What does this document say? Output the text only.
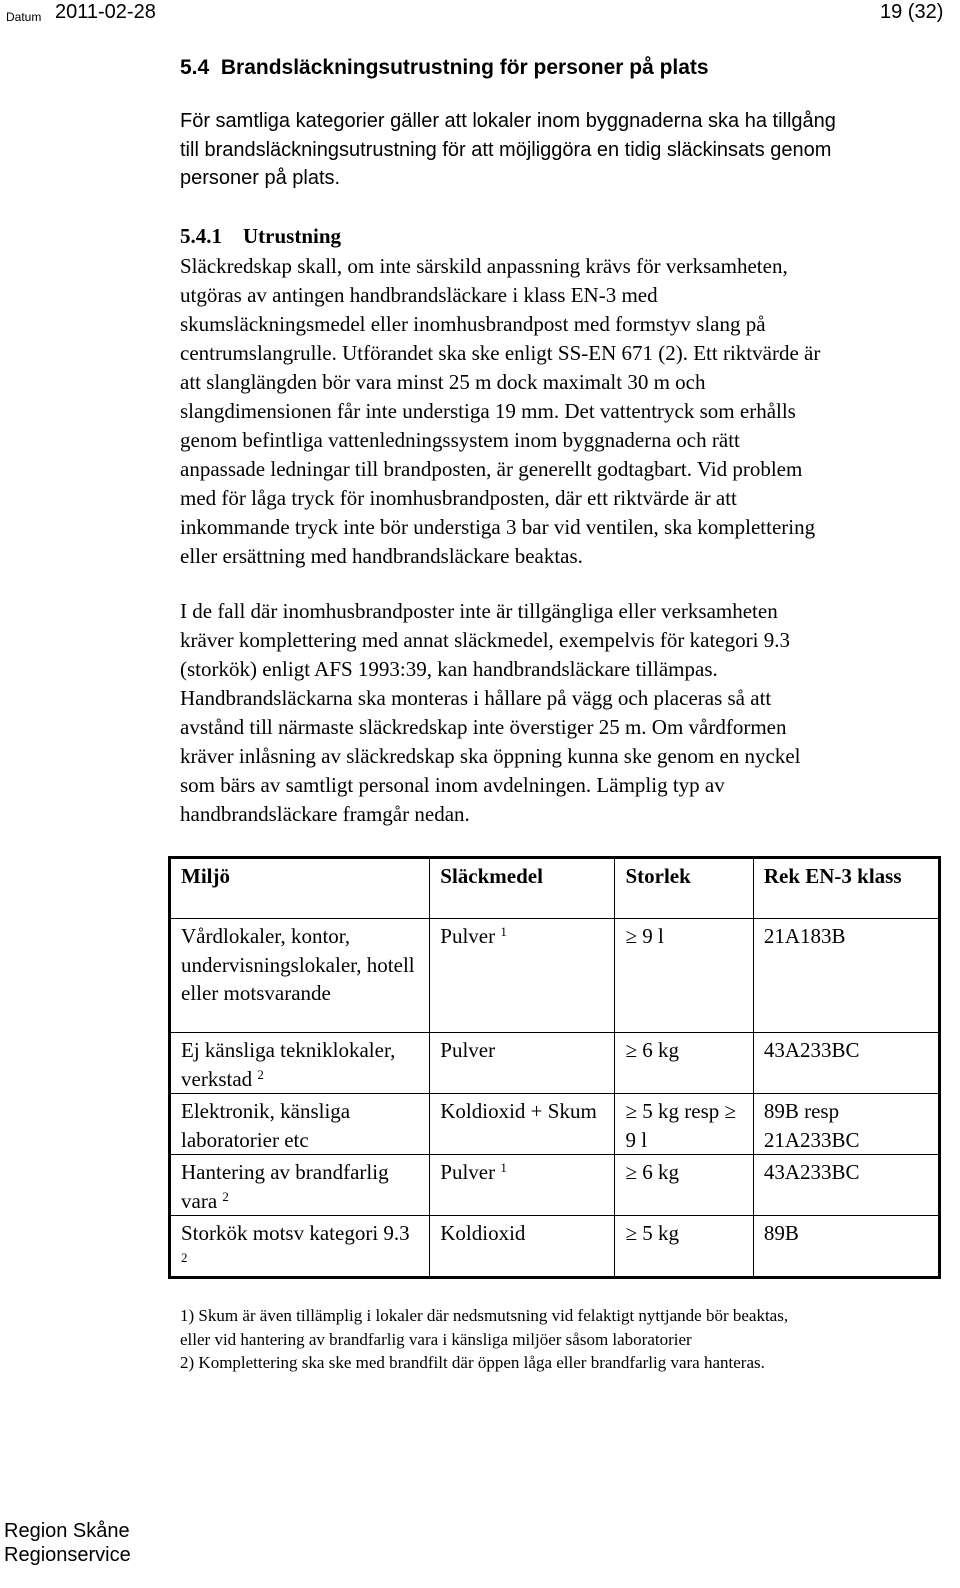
Datum 2011-02-28	19 (32)
5.4  Brandsläckningsutrustning för personer på plats
För samtliga kategorier gäller att lokaler inom byggnaderna ska ha tillgång
till brandsläckningsutrustning för att möjliggöra en tidig släckinsats genom
personer på plats.
5.4.1    Utrustning
Släckredskap skall, om inte särskild anpassning krävs för verksamheten,
utgöras av antingen handbrandsläckare i klass EN-3 med
skumsläckningsmedel eller inomhusbrandpost med formstyv slang på
centrumslangrulle. Utförandet ska ske enligt SS-EN 671 (2). Ett riktvärde är
att slanglängden bör vara minst 25 m dock maximalt 30 m och
slangdimensionen får inte understiga 19 mm. Det vattentryck som erhålls
genom befintliga vattenledningssystem inom byggnaderna och rätt
anpassade ledningar till brandposten, är generellt godtagbart. Vid problem
med för låga tryck för inomhusbrandposten, där ett riktvärde är att
inkommande tryck inte bör understiga 3 bar vid ventilen, ska komplettering
eller ersättning med handbrandsläckare beaktas.
I de fall där inomhusbrandposter inte är tillgängliga eller verksamheten
kräver komplettering med annat släckmedel, exempelvis för kategori 9.3
(storkök) enligt AFS 1993:39, kan handbrandsläckare tillämpas.
Handbrandsläckarna ska monteras i hållare på vägg och placeras så att
avstånd till närmaste släckredskap inte överstiger 25 m. Om vårdformen
kräver inlåsning av släckredskap ska öppning kunna ske genom en nyckel
som bärs av samtligt personal inom avdelningen. Lämplig typ av
handbrandsläckare framgår nedan.
Miljö	Släckmedel	Storlek	Rek EN-3 klass
Vårdlokaler, kontor, undervisningslokaler, hotell eller motsvarande	Pulver $^1$	≥ 9 l	21A183B
Ej känsliga tekniklokaler, verkstad $^2$	Pulver	≥ 6 kg	43A233BC
Elektronik, känsliga laboratorier etc	Koldioxid + Skum	≥ 5 kg resp ≥ 9 l	89B resp 21A233BC
Hantering av brandfarlig vara $^2$	Pulver $^1$	≥ 6 kg	43A233BC
Storkök motsv kategori 9.3 $^2$	Koldioxid	≥ 5 kg	89B
1) Skum är även tillämplig i lokaler där nedsmutsning vid felaktigt nyttjande bör beaktas,
eller vid hantering av brandfarlig vara i känsliga miljöer såsom laboratorier
2) Komplettering ska ske med brandfilt där öppen låga eller brandfarlig vara hanteras.
Region Skåne
Regionservice
